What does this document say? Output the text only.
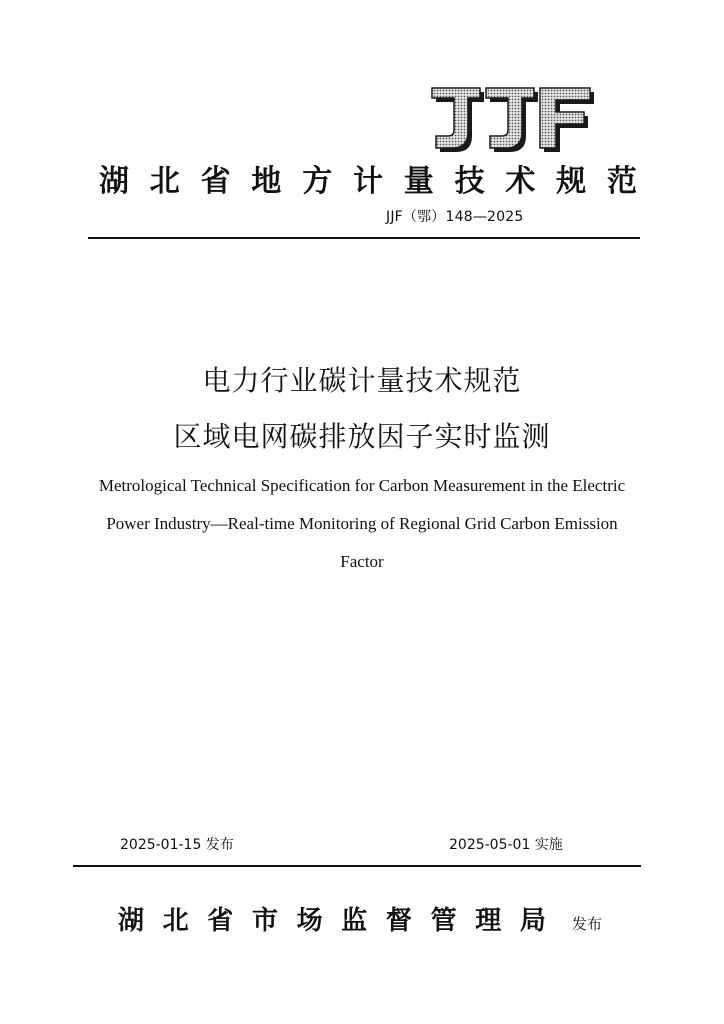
湖 北 省 地 方 计 量 技 术 规 范
JJF（鄂）148—2025
电力行业碳计量技术规范
区域电网碳排放因子实时监测
Metrological Technical Specification for Carbon Measurement in the Electric
Power Industry—Real-time Monitoring of Regional Grid Carbon Emission
Factor
2025-01-15 发布	2025-05-01 实施
湖 北 省 市 场 监 督 管 理 局 发布
